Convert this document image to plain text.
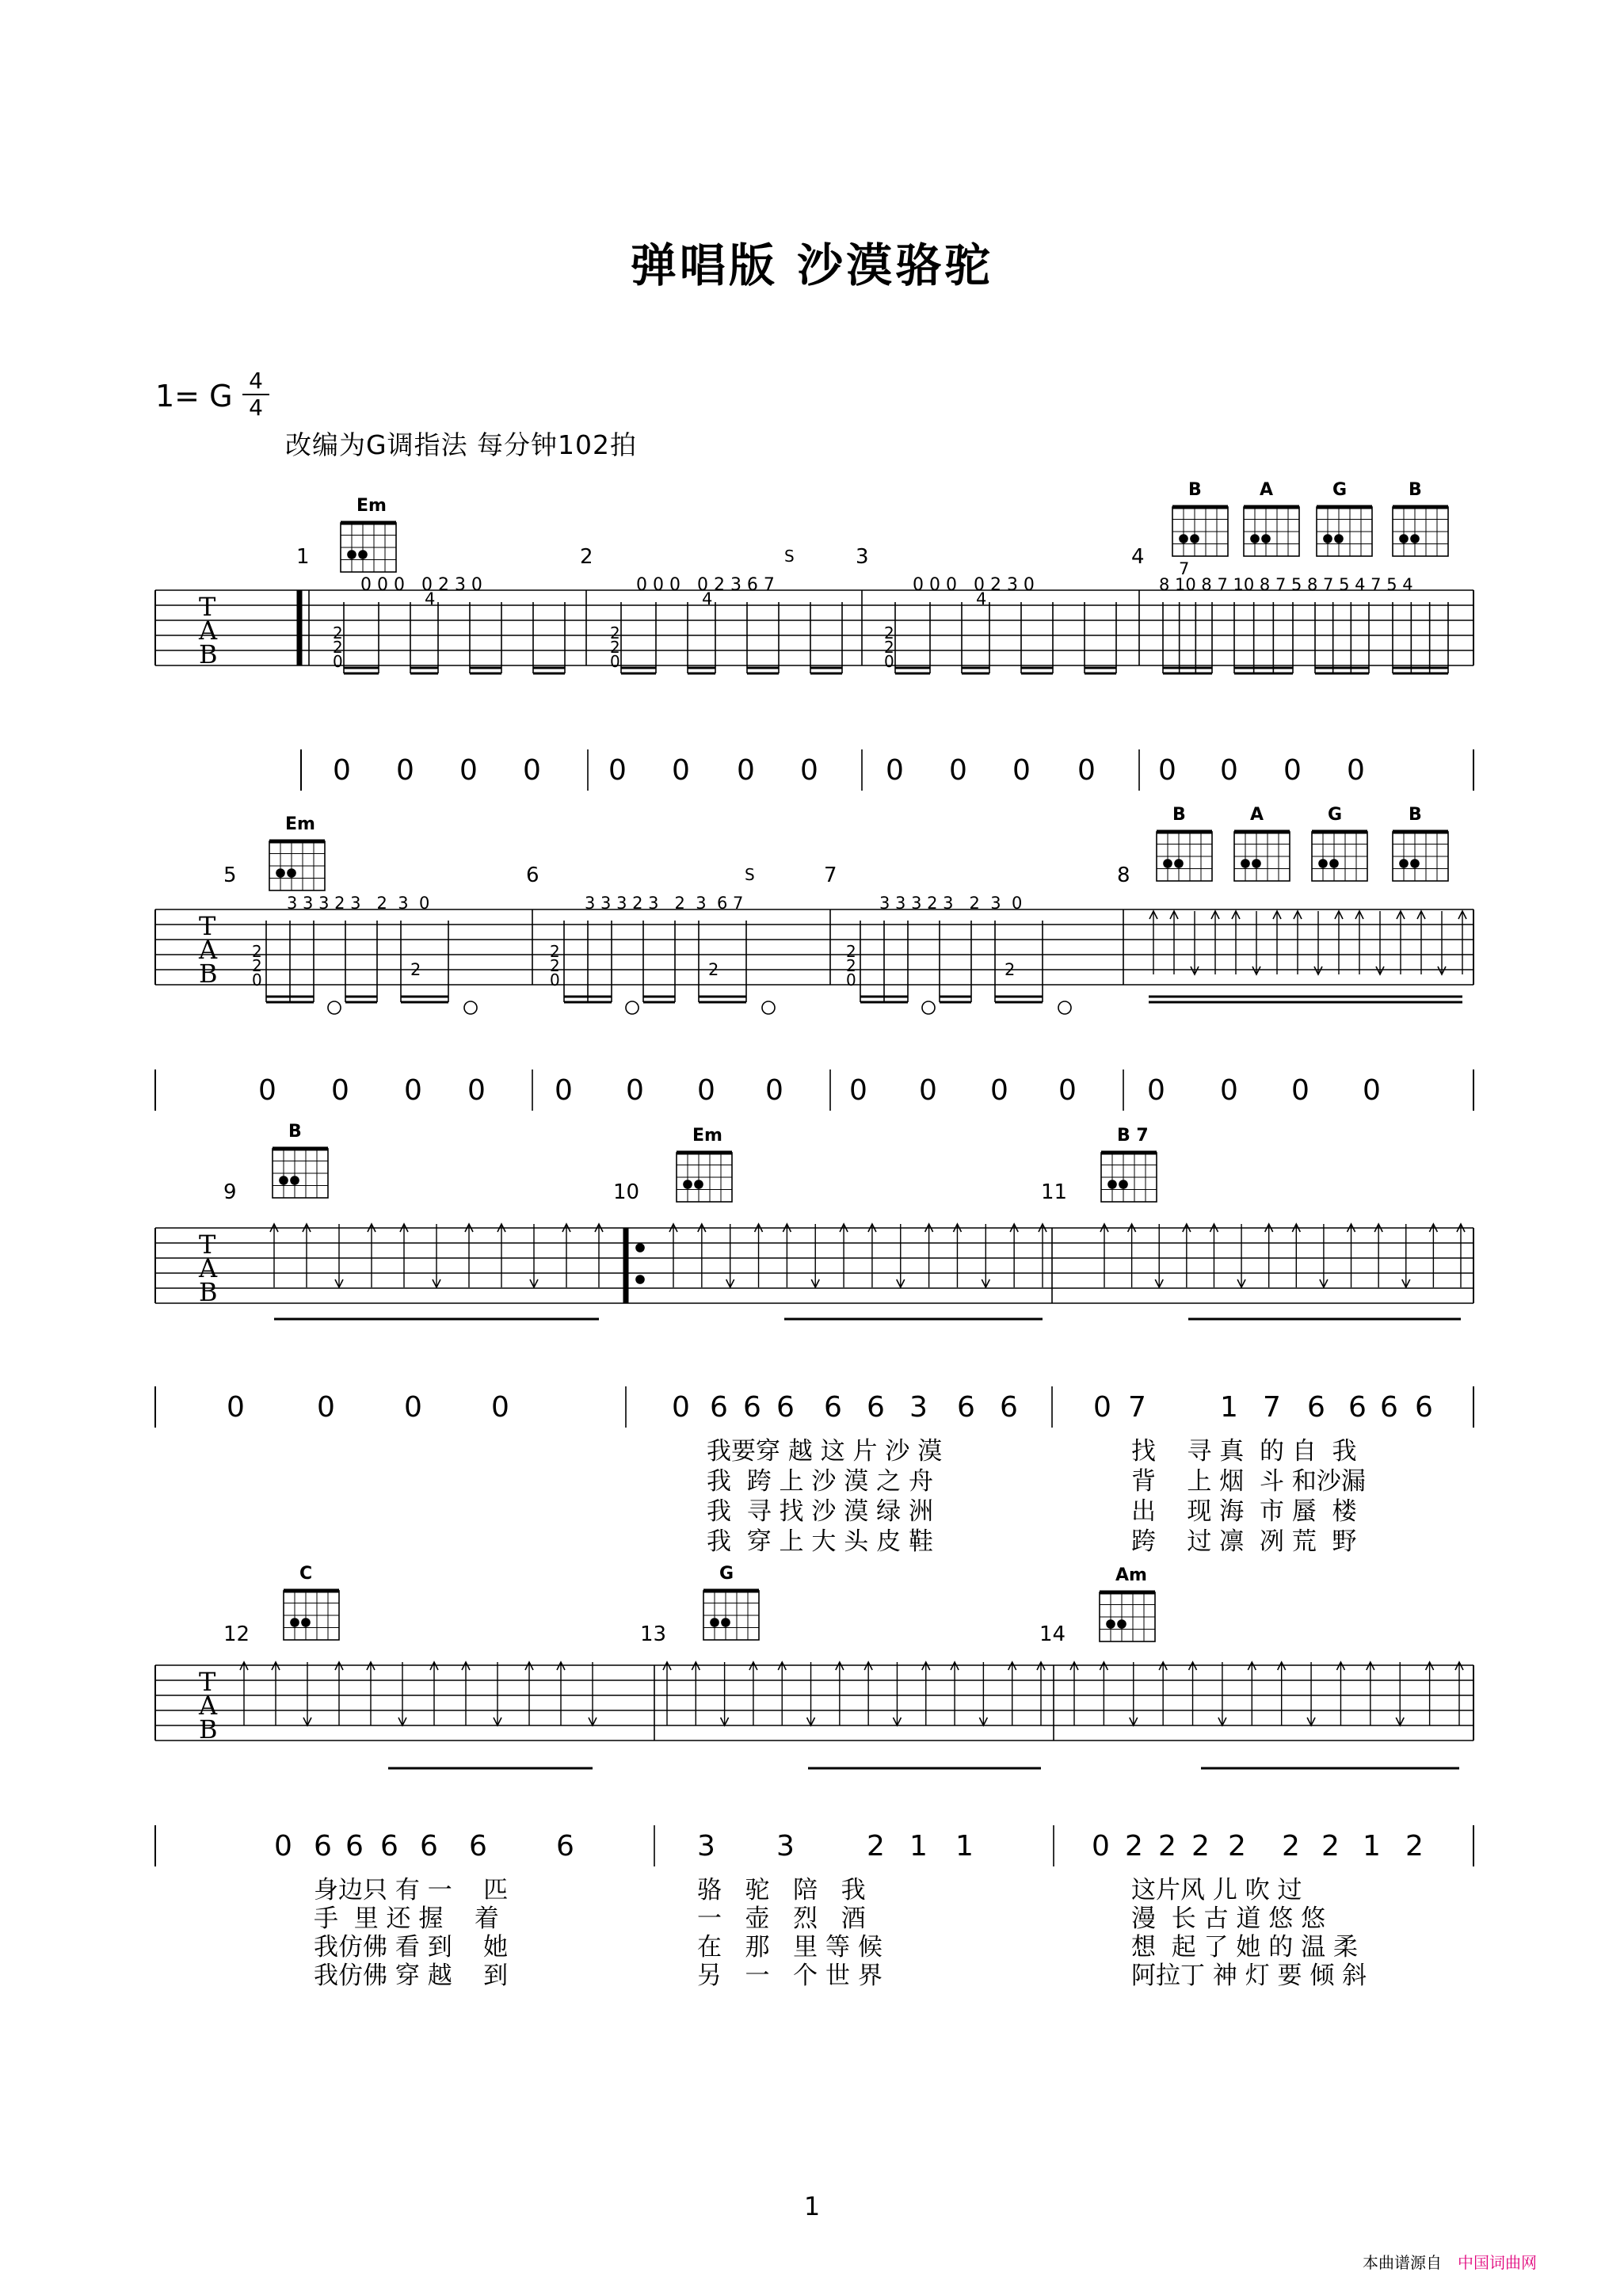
弹唱版 沙漠骆驼
1= G 4
4
改编为G调指法 每分钟102拍
T
A
B
1	2	3	4
Em
B	A	G	B
0 0 0   0 2 3 0	0 0 0   0 2 3 6 7
S
0 0 0   0 2 3 0	8 10 8 7 10 8 7 5 8 7 5 4 7 5 4
7
2 2 0
4
2 2 0
4
2 2 0
4
0 0 0 0 0 0 0 0 0 0 0 0 0 0 0 0
T
A
B
5	6	7	8
Em	B	A	G	B
3 3 3 2 3   2  3  0	3 3 3 2 3   2  3  6 7
S
3 3 3 2 3   2  3  0
2 2 0
2
2 2 0
2
2 2 0
2
0 0 0 0 0 0 0 0 0 0 0 0 0 0 0 0
T
A
B
9	10	11
B	Em	B 7
0	0 0 0	0 6 6 6 6 6 3 6 6	0 7	1 7 6 6 6 6
我要穿 越 这 片 沙 漠
我  跨 上 沙 漠 之 舟
我  寻 找 沙 漠 绿 洲
我  穿 上 大 头 皮 鞋
找    寻 真  的 自  我
背    上 烟  斗 和沙漏
出    现 海  市 蜃  楼
跨    过 凛  冽 荒  野
T
A
B
12	13	14
C	G	Am
0 6 6 6 6 6 6	3 3	2 1 1	0 2 2 2 2 2 2 1 2
身边只 有 一    匹
手  里 还 握    着
我仿佛 看 到    她
我仿佛 穿 越    到
骆   驼   陪   我
一   壶   烈   酒
在   那   里 等 候
另   一   个 世 界
这片风 儿 吹 过
漫  长 古 道 悠 悠
想  起 了 她 的 温 柔
阿拉丁 神 灯 要 倾 斜
1
本曲谱源自 中国词曲网
